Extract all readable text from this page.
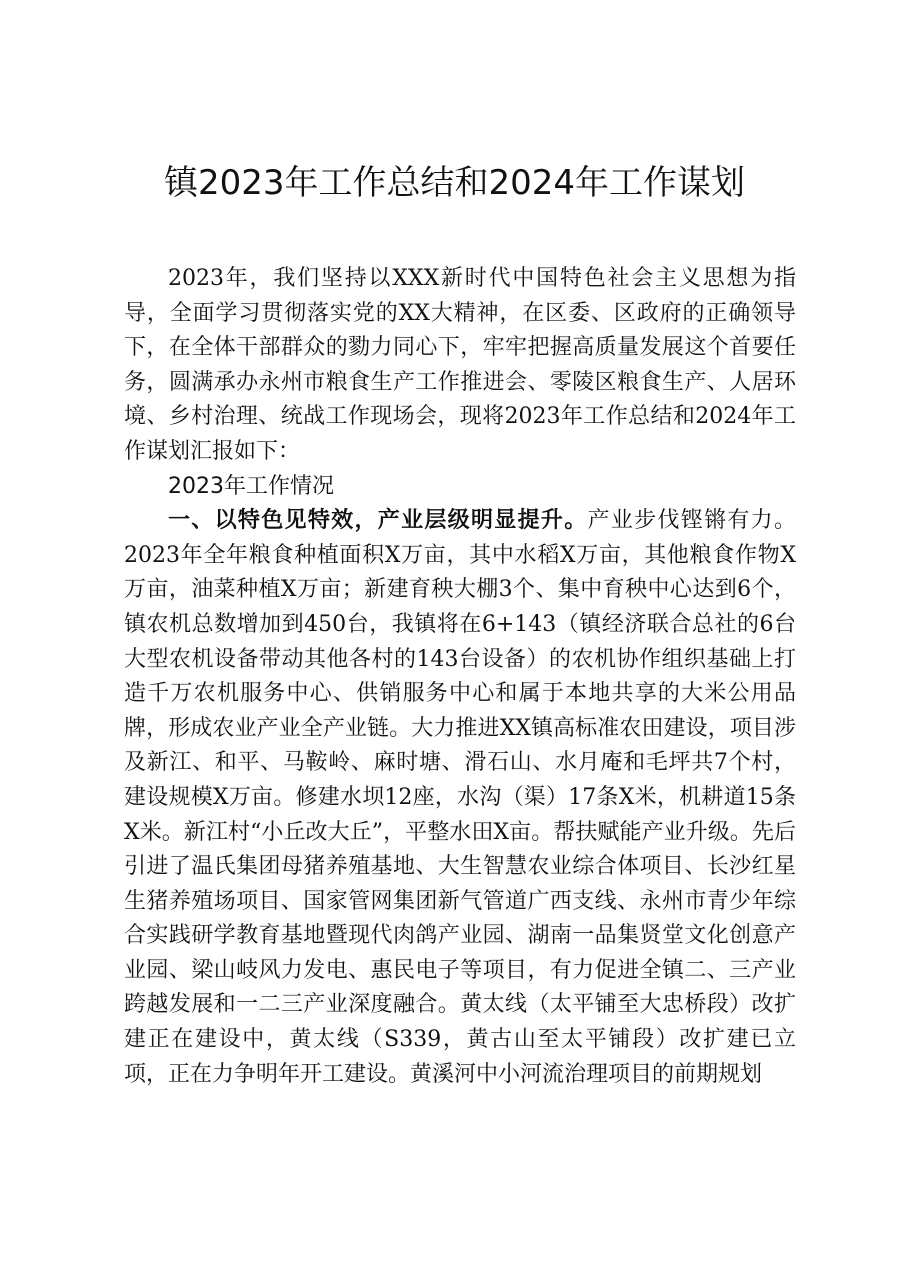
镇2023年工作总结和2024年工作谋划

2023年，我们坚持以XXX新时代中国特色社会主义思想为指导，全面学习贯彻落实党的XX大精神，在区委、区政府的正确领导下，在全体干部群众的勠力同心下，牢牢把握高质量发展这个首要任务，圆满承办永州市粮食生产工作推进会、零陵区粮食生产、人居环境、乡村治理、统战工作现场会，现将2023年工作总结和2024年工作谋划汇报如下：

2023年工作情况

一、以特色见特效，产业层级明显提升。产业步伐铿锵有力。2023年全年粮食种植面积X万亩，其中水稻X万亩，其他粮食作物X万亩，油菜种植X万亩；新建育秧大棚3个、集中育秧中心达到6个，镇农机总数增加到450台，我镇将在6+143（镇经济联合总社的6台大型农机设备带动其他各村的143台设备）的农机协作组织基础上打造千万农机服务中心、供销服务中心和属于本地共享的大米公用品牌，形成农业产业全产业链。大力推进XX镇高标准农田建设，项目涉及新江、和平、马鞍岭、麻时塘、滑石山、水月庵和毛坪共7个村，建设规模X万亩。修建水坝12座，水沟（渠）17条X米，机耕道15条X米。新江村“小丘改大丘”，平整水田X亩。帮扶赋能产业升级。先后引进了温氏集团母猪养殖基地、大生智慧农业综合体项目、长沙红星生猪养殖场项目、国家管网集团新气管道广西支线、永州市青少年综合实践研学教育基地暨现代肉鸽产业园、湖南一品集贤堂文化创意产业园、梁山岐风力发电、惠民电子等项目，有力促进全镇二、三产业跨越发展和一二三产业深度融合。黄太线（太平铺至大忠桥段）改扩建正在建设中，黄太线（S339，黄古山至太平铺段）改扩建已立项，正在力争明年开工建设。黄溪河中小河流治理项目的前期规划
